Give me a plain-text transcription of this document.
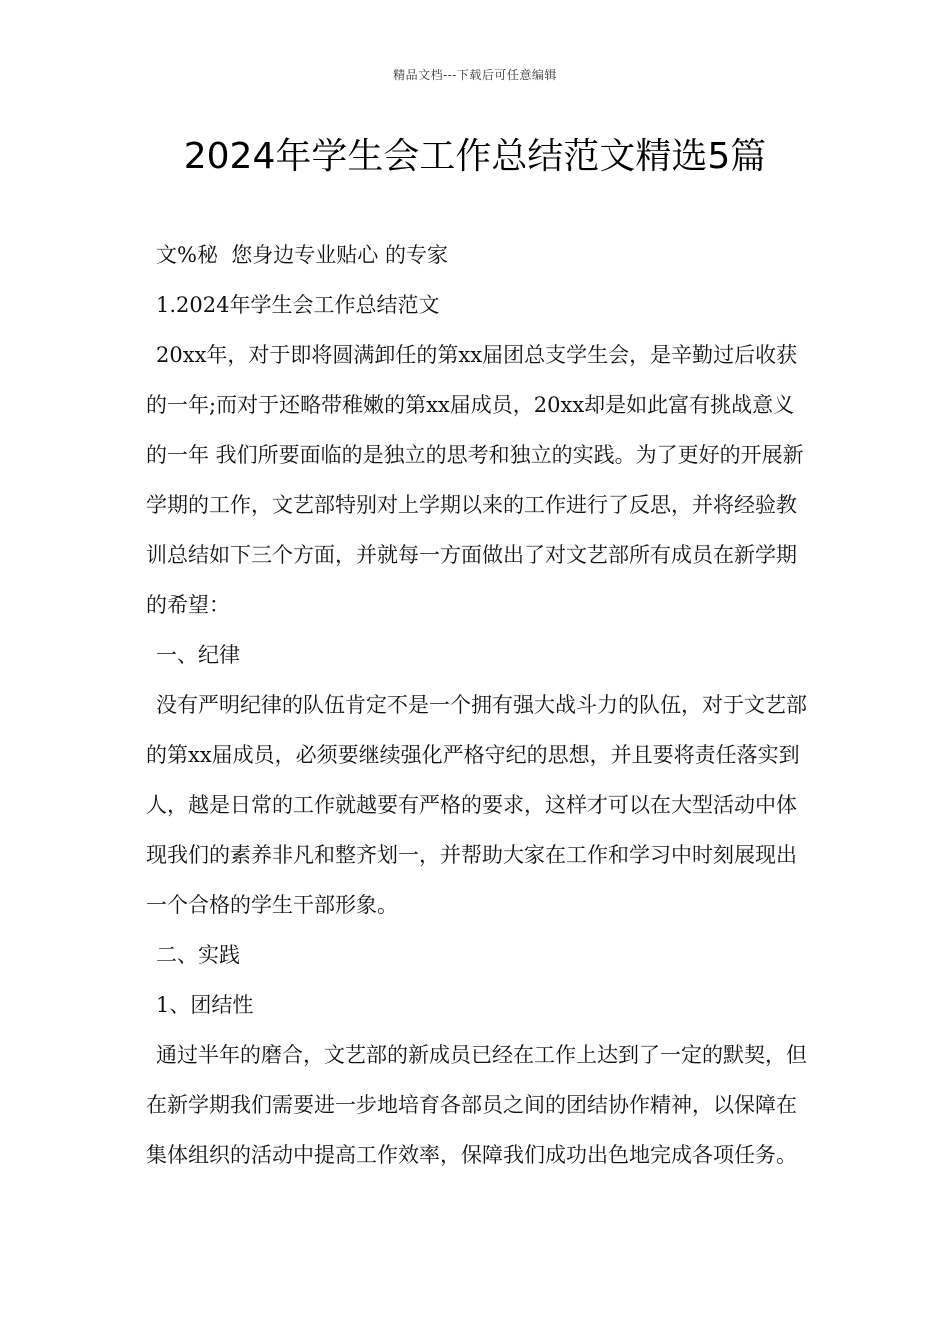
精品文档---下载后可任意编辑
2024年学生会工作总结范文精选5篇

文%秘  您身边专业贴心 的专家

1.2024年学生会工作总结范文

20xx年，对于即将圆满卸任的第xx届团总支学生会，是辛勤过后收获的一年;而对于还略带稚嫩的第xx届成员，20xx却是如此富有挑战意义的一年 我们所要面临的是独立的思考和独立的实践。为了更好的开展新学期的工作，文艺部特别对上学期以来的工作进行了反思，并将经验教训总结如下三个方面，并就每一方面做出了对文艺部所有成员在新学期的希望：

一、纪律

没有严明纪律的队伍肯定不是一个拥有强大战斗力的队伍，对于文艺部的第xx届成员，必须要继续强化严格守纪的思想，并且要将责任落实到人，越是日常的工作就越要有严格的要求，这样才可以在大型活动中体现我们的素养非凡和整齐划一，并帮助大家在工作和学习中时刻展现出一个合格的学生干部形象。

二、实践

1、团结性

通过半年的磨合，文艺部的新成员已经在工作上达到了一定的默契，但在新学期我们需要进一步地培育各部员之间的团结协作精神，以保障在集体组织的活动中提高工作效率，保障我们成功出色地完成各项任务。
